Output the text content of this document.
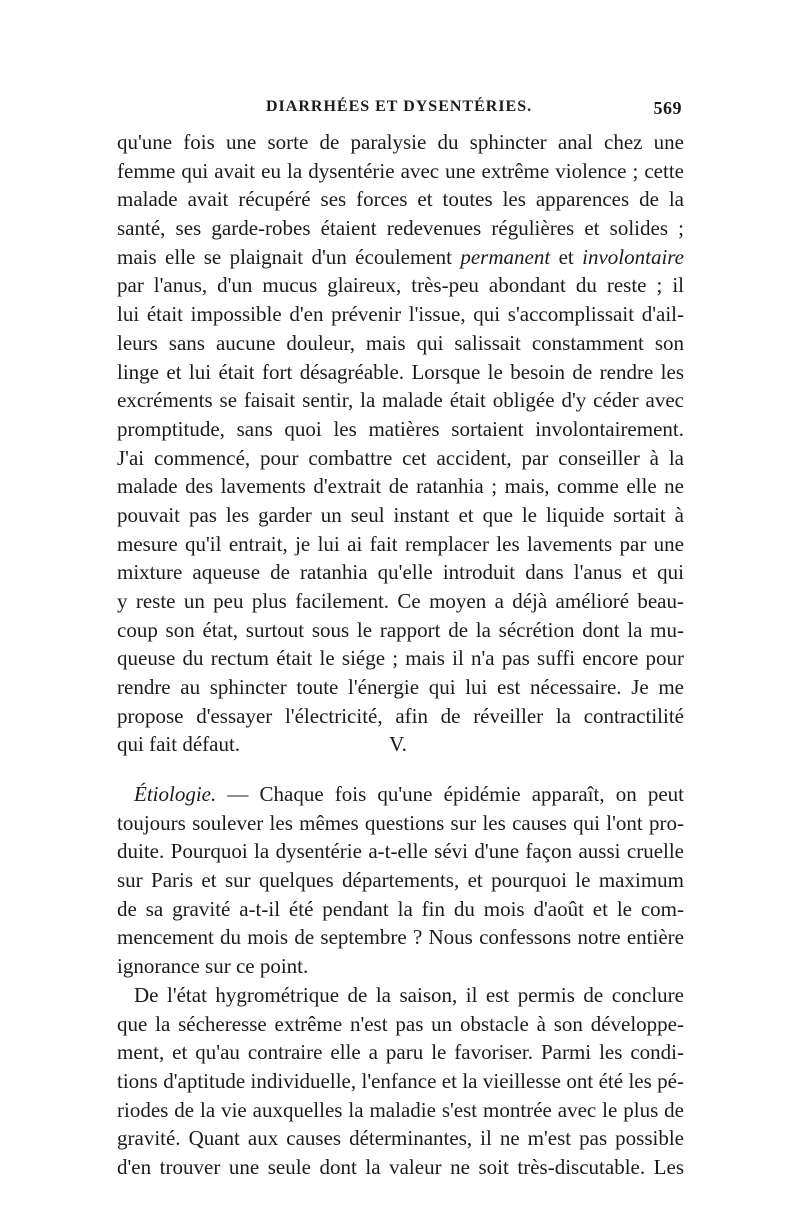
DIARRHÉES ET DYSENTÉRIES.	569
qu'une fois une sorte de paralysie du sphincter anal chez une
femme qui avait eu la dysentérie avec une extrême violence ; cette
malade avait récupéré ses forces et toutes les apparences de la
santé, ses garde-robes étaient redevenues régulières et solides ;
mais elle se plaignait d'un écoulement permanent et involontaire
par l'anus, d'un mucus glaireux, très-peu abondant du reste ; il
lui était impossible d'en prévenir l'issue, qui s'accomplissait d'ail-
leurs sans aucune douleur, mais qui salissait constamment son
linge et lui était fort désagréable. Lorsque le besoin de rendre les
excréments se faisait sentir, la malade était obligée d'y céder avec
promptitude, sans quoi les matières sortaient involontairement.
J'ai commencé, pour combattre cet accident, par conseiller à la
malade des lavements d'extrait de ratanhia ; mais, comme elle ne
pouvait pas les garder un seul instant et que le liquide sortait à
mesure qu'il entrait, je lui ai fait remplacer les lavements par une
mixture aqueuse de ratanhia qu'elle introduit dans l'anus et qui
y reste un peu plus facilement. Ce moyen a déjà amélioré beau-
coup son état, surtout sous le rapport de la sécrétion dont la mu-
queuse du rectum était le siége ; mais il n'a pas suffi encore pour
rendre au sphincter toute l'énergie qui lui est nécessaire. Je me
propose d'essayer l'électricité, afin de réveiller la contractilité
qui fait défaut.	V.
Étiologie. — Chaque fois qu'une épidémie apparaît, on peut
toujours soulever les mêmes questions sur les causes qui l'ont pro-
duite. Pourquoi la dysentérie a-t-elle sévi d'une façon aussi cruelle
sur Paris et sur quelques départements, et pourquoi le maximum
de sa gravité a-t-il été pendant la fin du mois d'août et le com-
mencement du mois de septembre ? Nous confessons notre entière
ignorance sur ce point.
De l'état hygrométrique de la saison, il est permis de conclure
que la sécheresse extrême n'est pas un obstacle à son développe-
ment, et qu'au contraire elle a paru le favoriser. Parmi les condi-
tions d'aptitude individuelle, l'enfance et la vieillesse ont été les pé-
riodes de la vie auxquelles la maladie s'est montrée avec le plus de
gravité. Quant aux causes déterminantes, il ne m'est pas possible
d'en trouver une seule dont la valeur ne soit très-discutable. Les
